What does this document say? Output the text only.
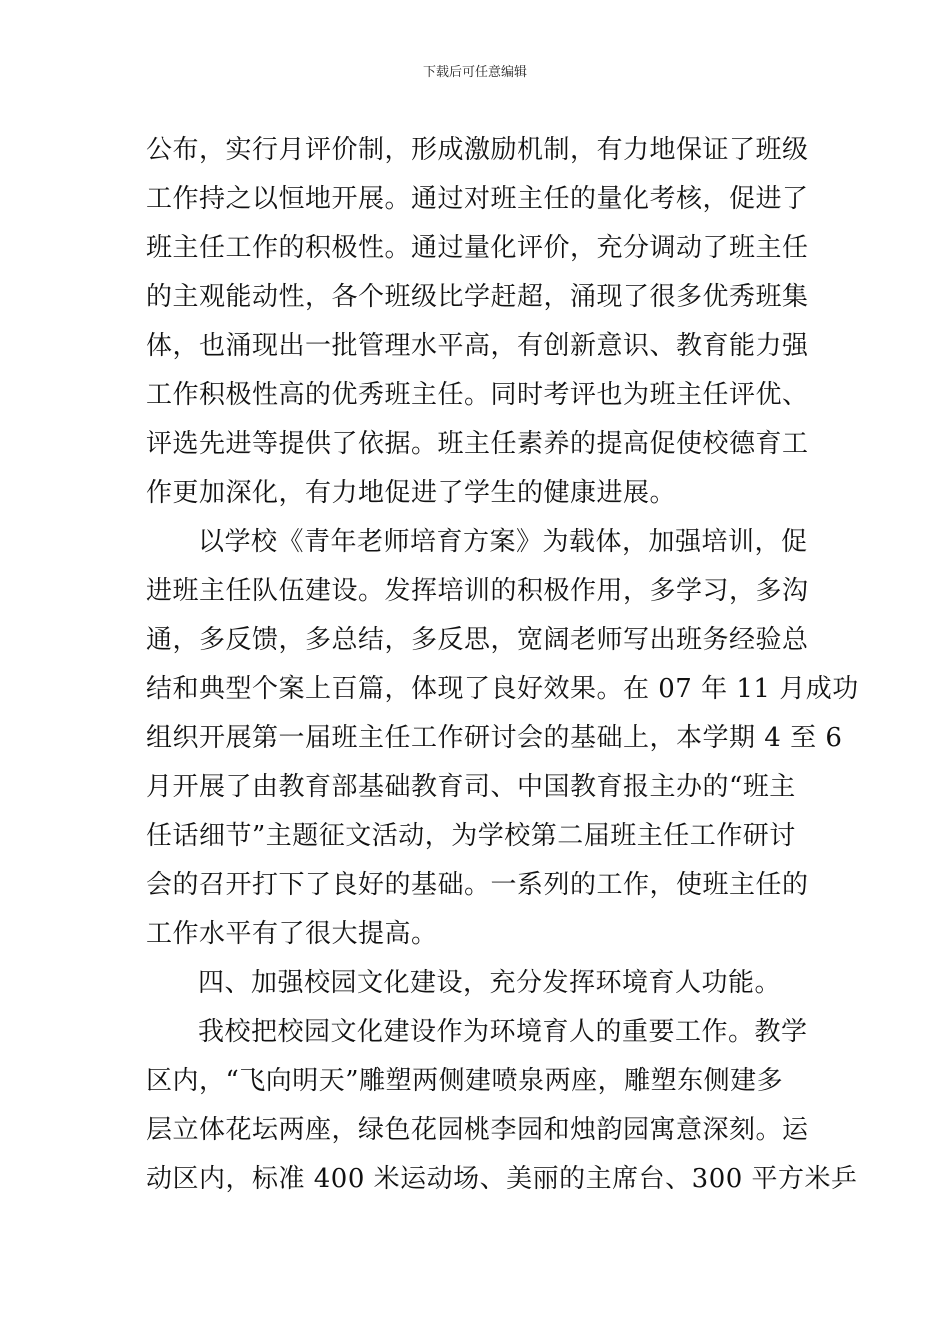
下载后可任意编辑
公布，实行月评价制，形成激励机制，有力地保证了班级
工作持之以恒地开展。通过对班主任的量化考核，促进了
班主任工作的积极性。通过量化评价，充分调动了班主任
的主观能动性，各个班级比学赶超，涌现了很多优秀班集
体，也涌现出一批管理水平高，有创新意识、教育能力强
工作积极性高的优秀班主任。同时考评也为班主任评优、
评选先进等提供了依据。班主任素养的提高促使校德育工
作更加深化，有力地促进了学生的健康进展。
以学校《青年老师培育方案》为载体，加强培训，促
进班主任队伍建设。发挥培训的积极作用，多学习，多沟
通，多反馈，多总结，多反思，宽阔老师写出班务经验总
结和典型个案上百篇，体现了良好效果。在 07 年 11 月成功
组织开展第一届班主任工作研讨会的基础上，本学期 4 至 6
月开展了由教育部基础教育司、中国教育报主办的“班主
任话细节”主题征文活动，为学校第二届班主任工作研讨
会的召开打下了良好的基础。一系列的工作，使班主任的
工作水平有了很大提高。
四、加强校园文化建设，充分发挥环境育人功能。
我校把校园文化建设作为环境育人的重要工作。教学
区内，“飞向明天”雕塑两侧建喷泉两座，雕塑东侧建多
层立体花坛两座，绿色花园桃李园和烛韵园寓意深刻。运
动区内，标准 400 米运动场、美丽的主席台、300 平方米乒
